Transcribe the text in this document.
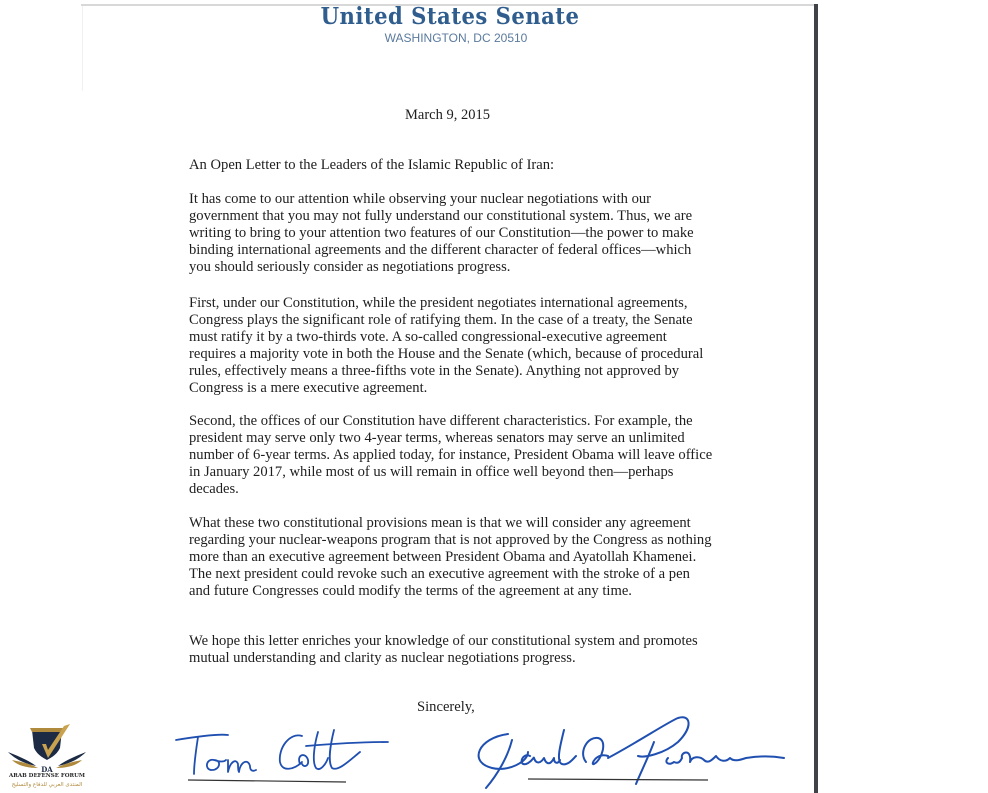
United States Senate
WASHINGTON, DC 20510
March 9, 2015
An Open Letter to the Leaders of the Islamic Republic of Iran:
It has come to our attention while observing your nuclear negotiations with our government that you may not fully understand our constitutional system. Thus, we are writing to bring to your attention two features of our Constitution—the power to make binding international agreements and the different character of federal offices—which you should seriously consider as negotiations progress.
First, under our Constitution, while the president negotiates international agreements, Congress plays the significant role of ratifying them. In the case of a treaty, the Senate must ratify it by a two-thirds vote. A so-called congressional-executive agreement requires a majority vote in both the House and the Senate (which, because of procedural rules, effectively means a three-fifths vote in the Senate). Anything not approved by Congress is a mere executive agreement.
Second, the offices of our Constitution have different characteristics. For example, the president may serve only two 4-year terms, whereas senators may serve an unlimited number of 6-year terms. As applied today, for instance, President Obama will leave office in January 2017, while most of us will remain in office well beyond then—perhaps decades.
What these two constitutional provisions mean is that we will consider any agreement regarding your nuclear-weapons program that is not approved by the Congress as nothing more than an executive agreement between President Obama and Ayatollah Khamenei. The next president could revoke such an executive agreement with the stroke of a pen and future Congresses could modify the terms of the agreement at any time.
We hope this letter enriches your knowledge of our constitutional system and promotes mutual understanding and clarity as nuclear negotiations progress.
Sincerely,
DA
ARAB DEFENSE FORUM
المنتدى العربي للدفاع والتسليح
